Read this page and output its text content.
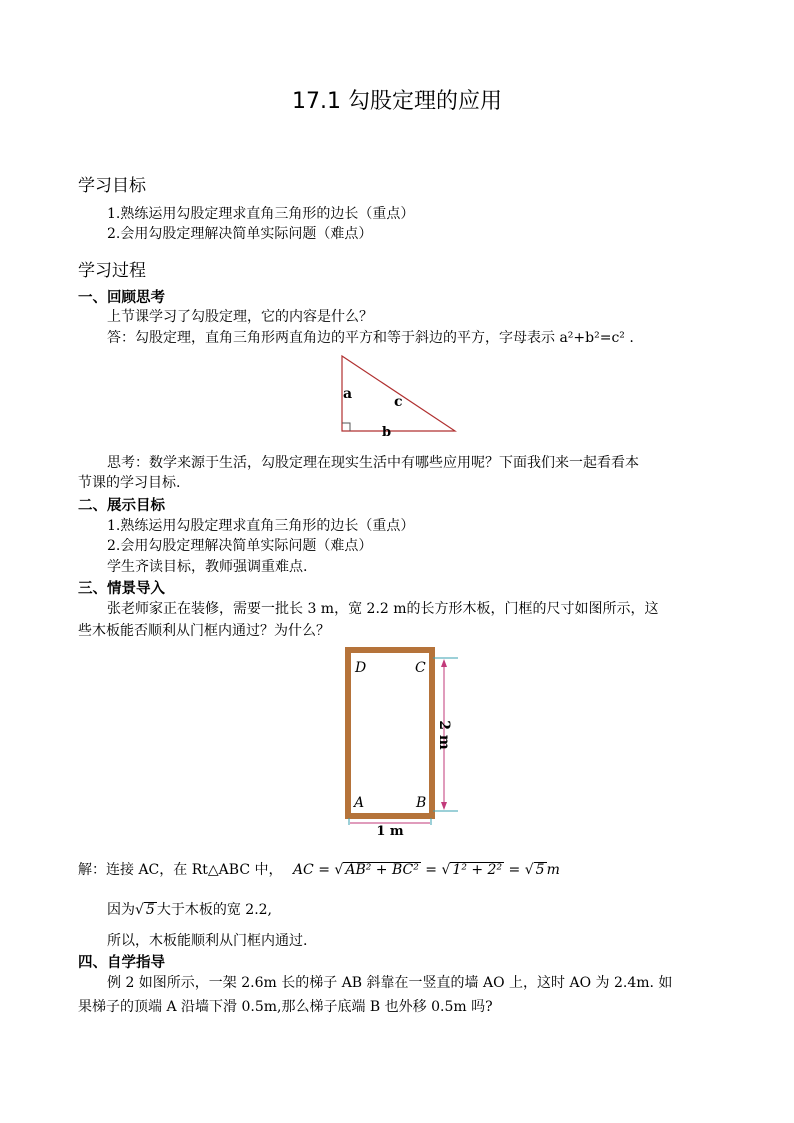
17.1 勾股定理的应用
学习目标
1.熟练运用勾股定理求直角三角形的边长（重点）
2.会用勾股定理解决简单实际问题（难点）
学习过程
一、回顾思考
上节课学习了勾股定理，它的内容是什么？
答：勾股定理，直角三角形两直角边的平方和等于斜边的平方，字母表示 a²+b²=c² .
a	c
b
思考：数学来源于生活，勾股定理在现实生活中有哪些应用呢？下面我们来一起看看本
节课的学习目标.
二、展示目标
1.熟练运用勾股定理求直角三角形的边长（重点）
2.会用勾股定理解决简单实际问题（难点）
学生齐读目标，教师强调重难点.
三、情景导入
张老师家正在装修，需要一批长 3 m，宽 2.2 m的长方形木板，门框的尺寸如图所示，这
些木板能否顺利从门框内通过？为什么？
2 m
1 m
D	C
A	B
解：连接 AC，在 Rt△ABC 中， AC = √ AB² + BC² = √ 1² + 2² = √ 5 m
因为√ 5 大于木板的宽 2.2,
所以，木板能顺利从门框内通过.
四、自学指导
例 2 如图所示，一架 2.6m 长的梯子 AB 斜靠在一竖直的墙 AO 上，这时 AO 为 2.4m. 如
果梯子的顶端 A 沿墙下滑 0.5m,那么梯子底端 B 也外移 0.5m 吗?
